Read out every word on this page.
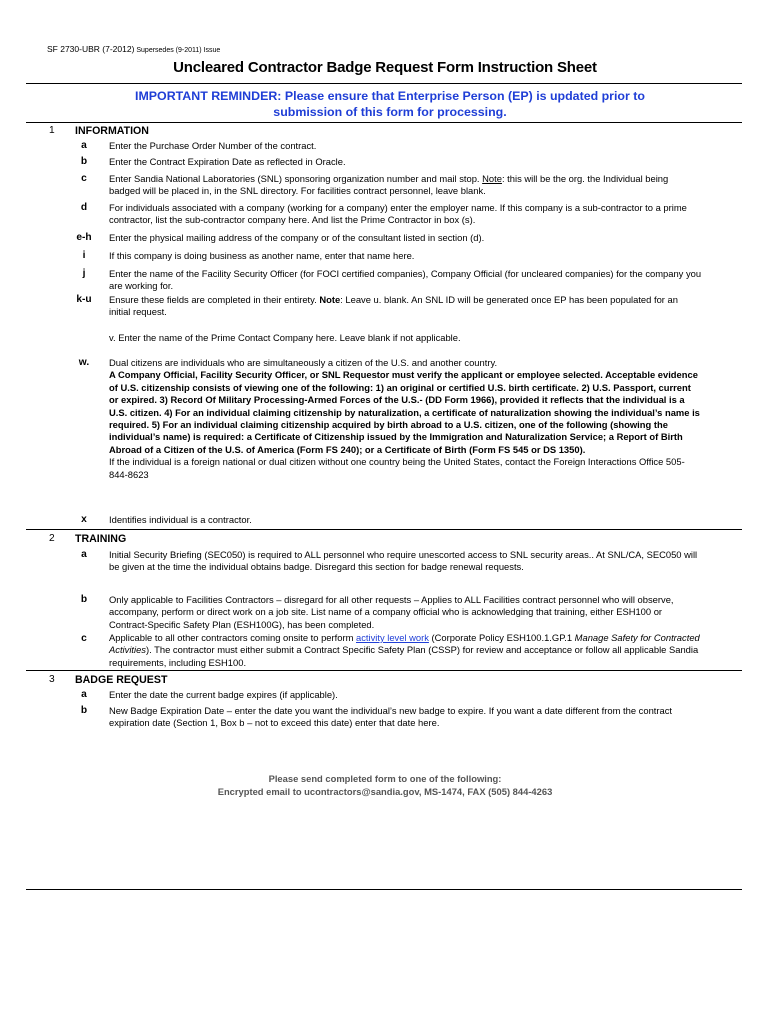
SF 2730-UBR (7-2012) Supersedes (9-2011) Issue
Uncleared Contractor Badge Request Form Instruction Sheet
IMPORTANT REMINDER: Please ensure that Enterprise Person (EP) is updated prior to
submission of this form for processing.
1 INFORMATION
a	Enter the Purchase Order Number of the contract.
b	Enter the Contract Expiration Date as reflected in Oracle.
c	Enter Sandia National Laboratories (SNL) sponsoring organization number and mail stop. Note: this will be the org. the Individual being badged will be placed in, in the SNL directory. For facilities contract personnel, leave blank.
d	For individuals associated with a company (working for a company) enter the employer name. If this company is a sub-contractor to a prime contractor, list the sub-contractor company here. And list the Prime Contractor in box (s).
e-h	Enter the physical mailing address of the company or of the consultant listed in section (d).
i	If this company is doing business as another name, enter that name here.
j	Enter the name of the Facility Security Officer (for FOCI certified companies), Company Official (for uncleared companies) for the company you are working for.
k-u	Ensure these fields are completed in their entirety. Note: Leave u. blank. An SNL ID will be generated once EP has been populated for an initial request.
v. Enter the name of the Prime Contact Company here. Leave blank if not applicable.
w.	Dual citizens are individuals who are simultaneously a citizen of the U.S. and another country.
A Company Official, Facility Security Officer, or SNL Requestor must verify the applicant or employee selected. Acceptable evidence of U.S. citizenship consists of viewing one of the following: 1) an original or certified U.S. birth certificate. 2) U.S. Passport, current or expired. 3) Record Of Military Processing-Armed Forces of the U.S.- (DD Form 1966), provided it reflects that the individual is a U.S. citizen. 4) For an individual claiming citizenship by naturalization, a certificate of naturalization showing the individual’s name is required. 5) For an individual claiming citizenship acquired by birth abroad to a U.S. citizen, one of the following (showing the individual’s name) is required: a Certificate of Citizenship issued by the Immigration and Naturalization Service; a Report of Birth Abroad of a Citizen of the U.S. of America (Form FS 240); or a Certificate of Birth (Form FS 545 or DS 1350).
If the individual is a foreign national or dual citizen without one country being the United States, contact the Foreign Interactions Office 505-844-8623
x	Identifies individual is a contractor.
2 TRAINING
a	Initial Security Briefing (SEC050) is required to ALL personnel who require unescorted access to SNL security areas.. At SNL/CA, SEC050 will be given at the time the individual obtains badge. Disregard this section for badge renewal requests.
b	Only applicable to Facilities Contractors – disregard for all other requests – Applies to ALL Facilities contract personnel who will observe, accompany, perform or direct work on a job site. List name of a company official who is acknowledging that training, either ESH100 or Contract-Specific Safety Plan (ESH100G), has been completed.
c	Applicable to all other contractors coming onsite to perform activity level work (Corporate Policy ESH100.1.GP.1 Manage Safety for Contracted Activities). The contractor must either submit a Contract Specific Safety Plan (CSSP) for review and acceptance or follow all applicable Sandia requirements, including ESH100.
3 BADGE REQUEST
a	Enter the date the current badge expires (if applicable).
b	New Badge Expiration Date – enter the date you want the individual’s new badge to expire. If you want a date different from the contract expiration date (Section 1, Box b – not to exceed this date) enter that date here.
Please send completed form to one of the following:
Encrypted email to ucontractors@sandia.gov, MS-1474, FAX (505) 844-4263
